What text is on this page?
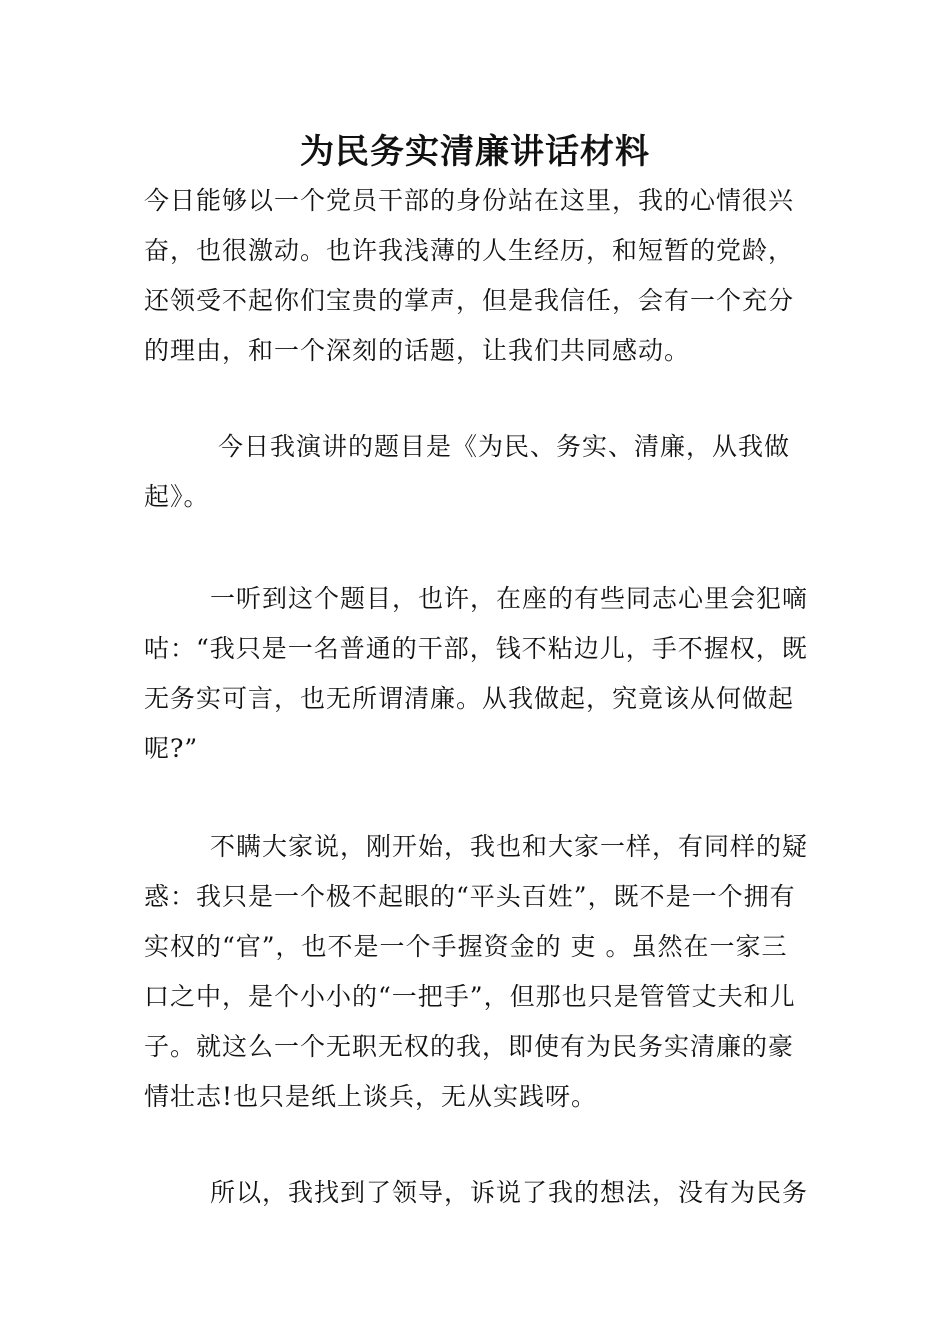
为民务实清廉讲话材料

今日能够以一个党员干部的身份站在这里，我的心情很兴奋，也很激动。也许我浅薄的人生经历，和短暂的党龄，还领受不起你们宝贵的掌声，但是我信任，会有一个充分的理由，和一个深刻的话题，让我们共同感动。

今日我演讲的题目是《为民、务实、清廉，从我做起》。

一听到这个题目，也许，在座的有些同志心里会犯嘀咕：“我只是一名普通的干部，钱不粘边儿，手不握权，既无务实可言，也无所谓清廉。从我做起，究竟该从何做起呢?”

不瞒大家说，刚开始，我也和大家一样，有同样的疑惑：我只是一个极不起眼的“平头百姓”，既不是一个拥有实权的“官”，也不是一个手握资金的 吏 。虽然在一家三口之中，是个小小的“一把手”，但那也只是管管丈夫和儿子。就这么一个无职无权的我，即使有为民务实清廉的豪情壮志!也只是纸上谈兵，无从实践呀。

所以，我找到了领导，诉说了我的想法，没有为民务
